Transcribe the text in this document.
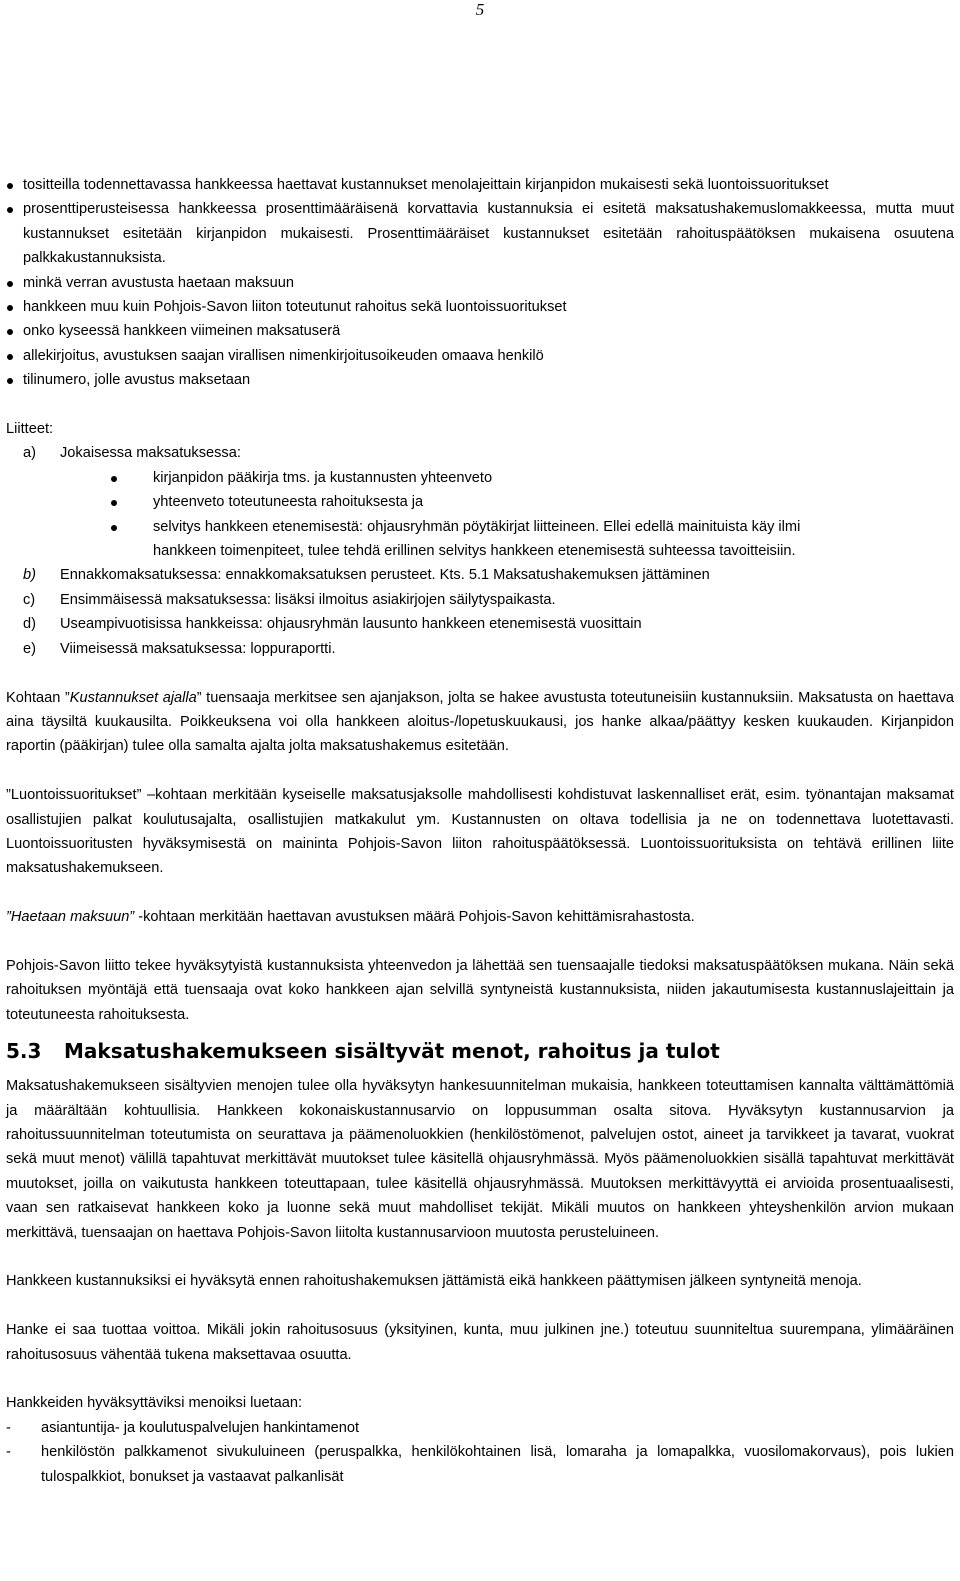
5
tositteilla todennettavassa hankkeessa haettavat kustannukset menolajeittain kirjanpidon mukaisesti sekä luontoissuoritukset
prosenttiperusteisessa hankkeessa prosenttimääräisenä korvattavia kustannuksia ei esitetä maksatushakemuslomakkeessa, mutta muut kustannukset esitetään kirjanpidon mukaisesti. Prosenttimääräiset kustannukset esitetään rahoituspäätöksen mukaisena osuutena palkkakustannuksista.
minkä verran avustusta haetaan maksuun
hankkeen muu kuin Pohjois-Savon liiton toteutunut rahoitus sekä luontoissuoritukset
onko kyseessä hankkeen viimeinen maksatuserä
allekirjoitus, avustuksen saajan virallisen nimenkirjoitusoikeuden omaava henkilö
tilinumero, jolle avustus maksetaan

Liitteet:

a)	Jokaisessa maksatuksessa:
kirjanpidon pääkirja tms. ja kustannusten yhteenveto
yhteenveto toteutuneesta rahoituksesta ja
selvitys hankkeen etenemisestä: ohjausryhmän pöytäkirjat liitteineen. Ellei edellä mainituista käy ilmi
hankkeen toimenpiteet, tulee tehdä erillinen selvitys hankkeen etenemisestä suhteessa tavoitteisiin.
b)	Ennakkomaksatuksessa: ennakkomaksatuksen perusteet. Kts. 5.1 Maksatushakemuksen jättäminen
c)	Ensimmäisessä maksatuksessa: lisäksi ilmoitus asiakirjojen säilytyspaikasta.
d)	Useampivuotisissa hankkeissa: ohjausryhmän lausunto hankkeen etenemisestä vuosittain
e)	Viimeisessä maksatuksessa: loppuraportti.

Kohtaan ”Kustannukset ajalla” tuensaaja merkitsee sen ajanjakson, jolta se hakee avustusta toteutuneisiin kustannuksiin. Maksatusta on haettava aina täysiltä kuukausilta. Poikkeuksena voi olla hankkeen aloitus-/lopetuskuukausi, jos hanke alkaa/päättyy kesken kuukauden. Kirjanpidon raportin (pääkirjan) tulee olla samalta ajalta jolta maksatushakemus esitetään.

”Luontoissuoritukset” –kohtaan merkitään kyseiselle maksatusjaksolle mahdollisesti kohdistuvat laskennalliset erät, esim. työnantajan maksamat osallistujien palkat koulutusajalta, osallistujien matkakulut ym. Kustannusten on oltava todellisia ja ne on todennettava luotettavasti. Luontoissuoritusten hyväksymisestä on maininta Pohjois-Savon liiton rahoituspäätöksessä. Luontoissuorituksista on tehtävä erillinen liite maksatushakemukseen.

”Haetaan maksuun” -kohtaan merkitään haettavan avustuksen määrä Pohjois-Savon kehittämisrahastosta.

Pohjois-Savon liitto tekee hyväksytyistä kustannuksista yhteenvedon ja lähettää sen tuensaajalle tiedoksi maksatuspäätöksen mukana. Näin sekä rahoituksen myöntäjä että tuensaaja ovat koko hankkeen ajan selvillä syntyneistä kustannuksista, niiden jakautumisesta kustannuslajeittain ja toteutuneesta rahoituksesta.

5.3	Maksatushakemukseen sisältyvät menot, rahoitus ja tulot

Maksatushakemukseen sisältyvien menojen tulee olla hyväksytyn hankesuunnitelman mukaisia, hankkeen toteuttamisen kannalta välttämättömiä ja määrältään kohtuullisia. Hankkeen kokonaiskustannusarvio on loppusumman osalta sitova. Hyväksytyn kustannusarvion ja rahoitussuunnitelman toteutumista on seurattava ja päämenoluokkien (henkilöstömenot, palvelujen ostot, aineet ja tarvikkeet ja tavarat, vuokrat sekä muut menot) välillä tapahtuvat merkittävät muutokset tulee käsitellä ohjausryhmässä. Myös päämenoluokkien sisällä tapahtuvat merkittävät muutokset, joilla on vaikutusta hankkeen toteuttapaan, tulee käsitellä ohjausryhmässä. Muutoksen merkittävyyttä ei arvioida prosentuaalisesti, vaan sen ratkaisevat hankkeen koko ja luonne sekä muut mahdolliset tekijät. Mikäli muutos on hankkeen yhteyshenkilön arvion mukaan merkittävä, tuensaajan on haettava Pohjois-Savon liitolta kustannusarvioon muutosta perusteluineen.

Hankkeen kustannuksiksi ei hyväksytä ennen rahoitushakemuksen jättämistä eikä hankkeen päättymisen jälkeen syntyneitä menoja.

Hanke ei saa tuottaa voittoa. Mikäli jokin rahoitusosuus (yksityinen, kunta, muu julkinen jne.) toteutuu suunniteltua suurempana, ylimääräinen rahoitusosuus vähentää tukena maksettavaa osuutta.

Hankkeiden hyväksyttäviksi menoiksi luetaan:

-	asiantuntija- ja koulutuspalvelujen hankintamenot
-	henkilöstön palkkamenot sivukuluineen (peruspalkka, henkilökohtainen lisä, lomaraha ja lomapalkka, vuosilomakorvaus), pois lukien tulospalkkiot, bonukset ja vastaavat palkanlisät
